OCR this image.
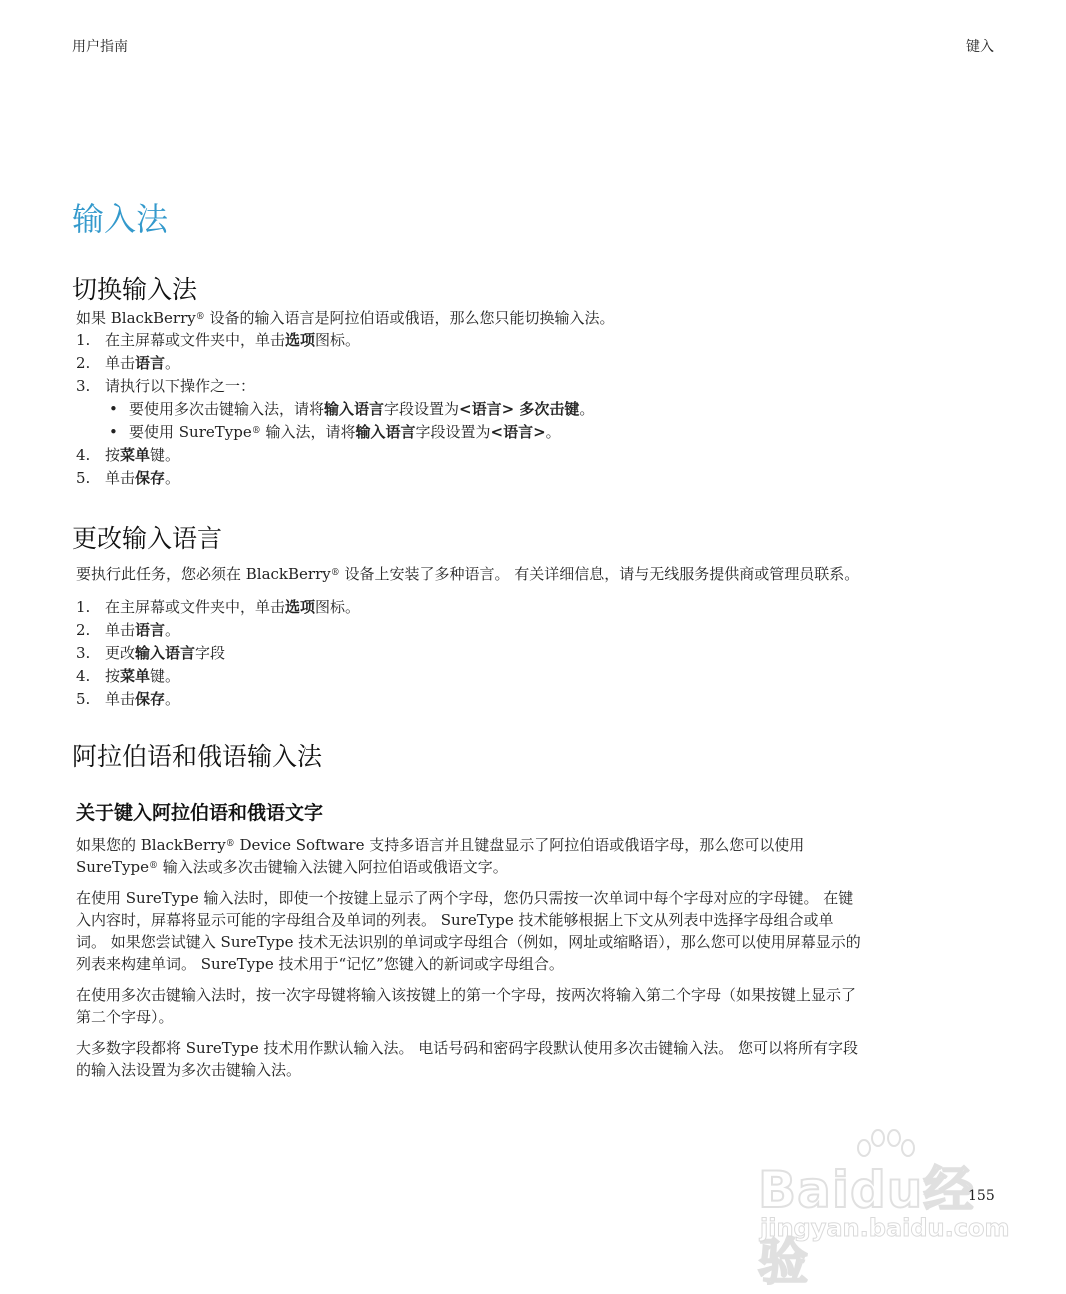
用户指南	键入
输入法
切换输入法

如果 BlackBerry® 设备的输入语言是阿拉伯语或俄语，那么您只能切换输入法。

1. 在主屏幕或文件夹中，单击选项图标。
2. 单击语言。
3. 请执行以下操作之一：
• 要使用多次击键输入法，请将输入语言字段设置为<语言> 多次击键。
• 要使用 SureType® 输入法，请将输入语言字段设置为<语言>。
4. 按菜单键。
5. 单击保存。
更改输入语言

要执行此任务，您必须在 BlackBerry® 设备上安装了多种语言。 有关详细信息，请与无线服务提供商或管理员联系。

1. 在主屏幕或文件夹中，单击选项图标。
2. 单击语言。
3. 更改输入语言字段
4. 按菜单键。
5. 单击保存。
阿拉伯语和俄语输入法
关于键入阿拉伯语和俄语文字

如果您的 BlackBerry® Device Software 支持多语言并且键盘显示了阿拉伯语或俄语字母，那么您可以使用
SureType® 输入法或多次击键输入法键入阿拉伯语或俄语文字。

在使用 SureType 输入法时，即使一个按键上显示了两个字母，您仍只需按一次单词中每个字母对应的字母键。 在键
入内容时，屏幕将显示可能的字母组合及单词的列表。 SureType 技术能够根据上下文从列表中选择字母组合或单
词。 如果您尝试键入 SureType 技术无法识别的单词或字母组合（例如，网址或缩略语），那么您可以使用屏幕显示的
列表来构建单词。 SureType 技术用于“记忆”您键入的新词或字母组合。

在使用多次击键输入法时，按一次字母键将输入该按键上的第一个字母，按两次将输入第二个字母（如果按键上显示了
第二个字母）。

大多数字段都将 SureType 技术用作默认输入法。 电话号码和密码字段默认使用多次击键输入法。 您可以将所有字段
的输入法设置为多次击键输入法。

Baidu经验
jingyan.baidu.com
155
